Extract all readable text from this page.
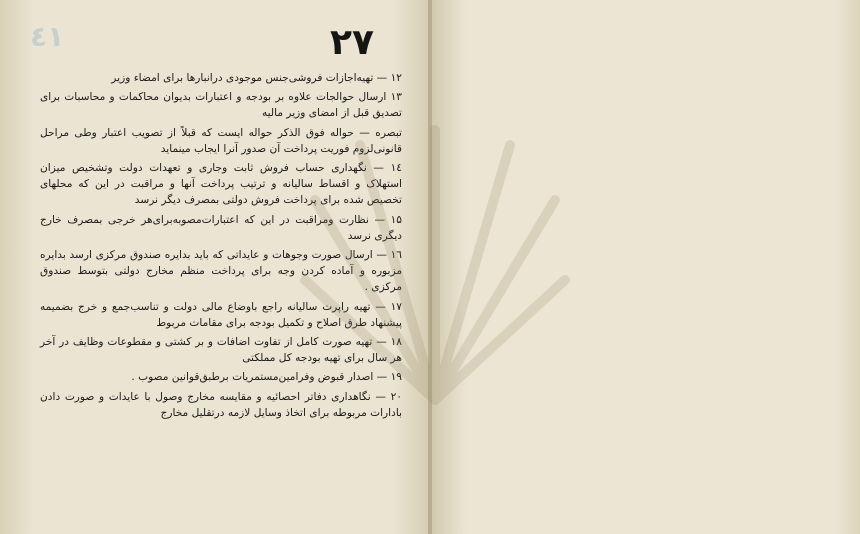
٤١	۲۷

۱۲ — تهیه‌اجازات فروشی‌جنس موجودی درانبارها برای امضاء وزیر

۱۳ ارسال حوالجات علاوه بر بودجه و اعتبارات بدیوان محاکمات و محاسبات برای تصدیق قبل از امضای وزیر مالیه

تبصره — حواله فوق الذکر حواله ایست که قبلاً از تصویب اعتبار وطی مراحل قانونی‌لزوم فوریت پرداخت آن صدور آنرا ایجاب مینماید

۱٤ — نگهداری حساب فروش ثابت وجاری و تعهدات دولت وتشخیص میزان استهلاک و اقساط سالیانه و ترتیب پرداخت آنها و مراقبت در این که محلهای تخصیص شده برای پرداخت فروش دولتی بمصرف دیگر نرسد

۱۵ — نظارت ومراقبت در این که اعتبارات‌مصوبه‌برای‌هر خرجی بمصرف خارج دیگری نرسد

۱٦ — ارسال صورت وجوهات و عایداتی که باید بدایره صندوق مرکزی ارسد بدایره مزبوره و آماده کردن وجه برای پرداخت منظم مخارج دولتی بتوسط صندوق مرکزی .

۱۷ — تهیه راپرت سالیانه راجع باوضاع مالی دولت و تناسب‌جمع و خرج بضمیمه پیشنهاد طرق اصلاح و تکمیل بودجه برای مقامات مربوط

۱۸ — تهیه صورت کامل از تفاوت اضافات و بر کشتی و مقطوعات وظایف در آخر هر سال برای تهیه بودجه کل مملکتی

۱۹ — اصدار قبوض وفرامین‌مستمریات برطبق‌قوانین مصوب .

۲۰ — نگاهداری دفاتر احصائیه و مقایسه مخارج وصول با عایدات و صورت دادن بادارات مربوطه برای اتخاذ وسایل لازمه درتقلیل مخارج
